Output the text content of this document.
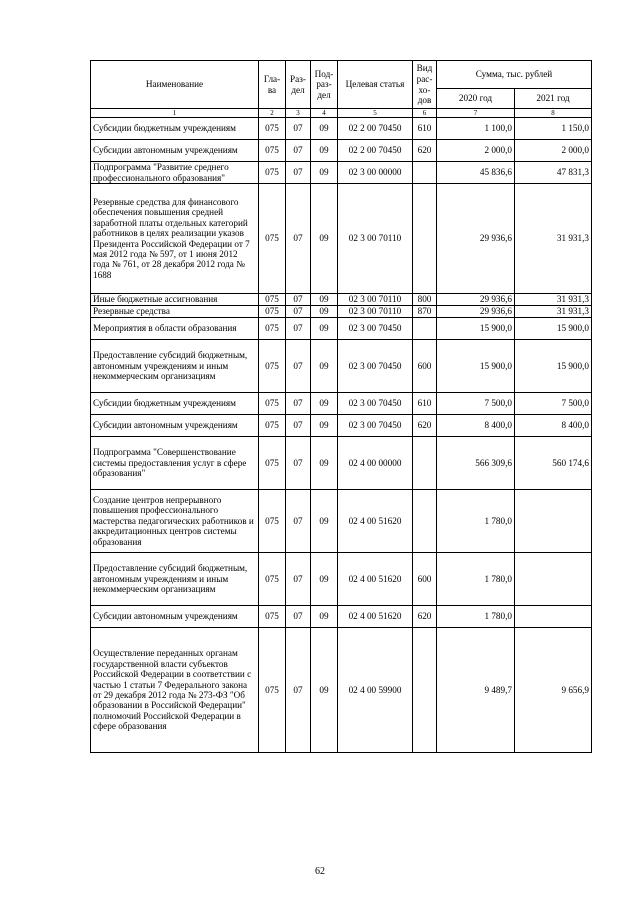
Наименование	Гла-ва	Раз-дел	Под-раз-дел	Целевая статья	Вид рас-хо-дов	Сумма, тыс. рублей	
						2020 год	2021 год
1	2	3	4	5	6	7	8
Субсидии бюджетным учреждениям	075	07	09	02 2 00 70450	610	1 100,0	1 150,0
Субсидии автономным учреждениям	075	07	09	02 2 00 70450	620	2 000,0	2 000,0
Подпрограмма "Развитие среднего профессионального образования"	075	07	09	02 3 00 00000		45 836,6	47 831,3
Резервные средства для финансового обеспечения повышения средней заработной платы отдельных категорий работников в целях реализации указов Президента Российской Федерации от 7 мая 2012 года № 597, от 1 июня 2012 года № 761, от 28 декабря 2012 года № 1688	075	07	09	02 3 00 70110		29 936,6	31 931,3
Иные бюджетные ассигнования	075	07	09	02 3 00 70110	800	29 936,6	31 931,3
Резервные средства	075	07	09	02 3 00 70110	870	29 936,6	31 931,3
Мероприятия в области образования	075	07	09	02 3 00 70450		15 900,0	15 900,0
Предоставление субсидий бюджетным, автономным учреждениям и иным некоммерческим организациям	075	07	09	02 3 00 70450	600	15 900,0	15 900,0
Субсидии бюджетным учреждениям	075	07	09	02 3 00 70450	610	7 500,0	7 500,0
Субсидии автономным учреждениям	075	07	09	02 3 00 70450	620	8 400,0	8 400,0
Подпрограмма "Совершенствование системы предоставления услуг в сфере образования"	075	07	09	02 4 00 00000		566 309,6	560 174,6
Создание центров непрерывного повышения профессионального мастерства педагогических работников и аккредитационных центров системы образования	075	07	09	02 4 00 51620		1 780,0	
Предоставление субсидий бюджетным, автономным учреждениям и иным некоммерческим организациям	075	07	09	02 4 00 51620	600	1 780,0	
Субсидии автономным учреждениям	075	07	09	02 4 00 51620	620	1 780,0	
Осуществление переданных органам государственной власти субъектов Российской Федерации в соответствии с частью 1 статьи 7 Федерального закона от 29 декабря 2012 года № 273-ФЗ "Об образовании в Российской Федерации" полномочий Российской Федерации в сфере образования	075	07	09	02 4 00 59900		9 489,7	9 656,9
62
